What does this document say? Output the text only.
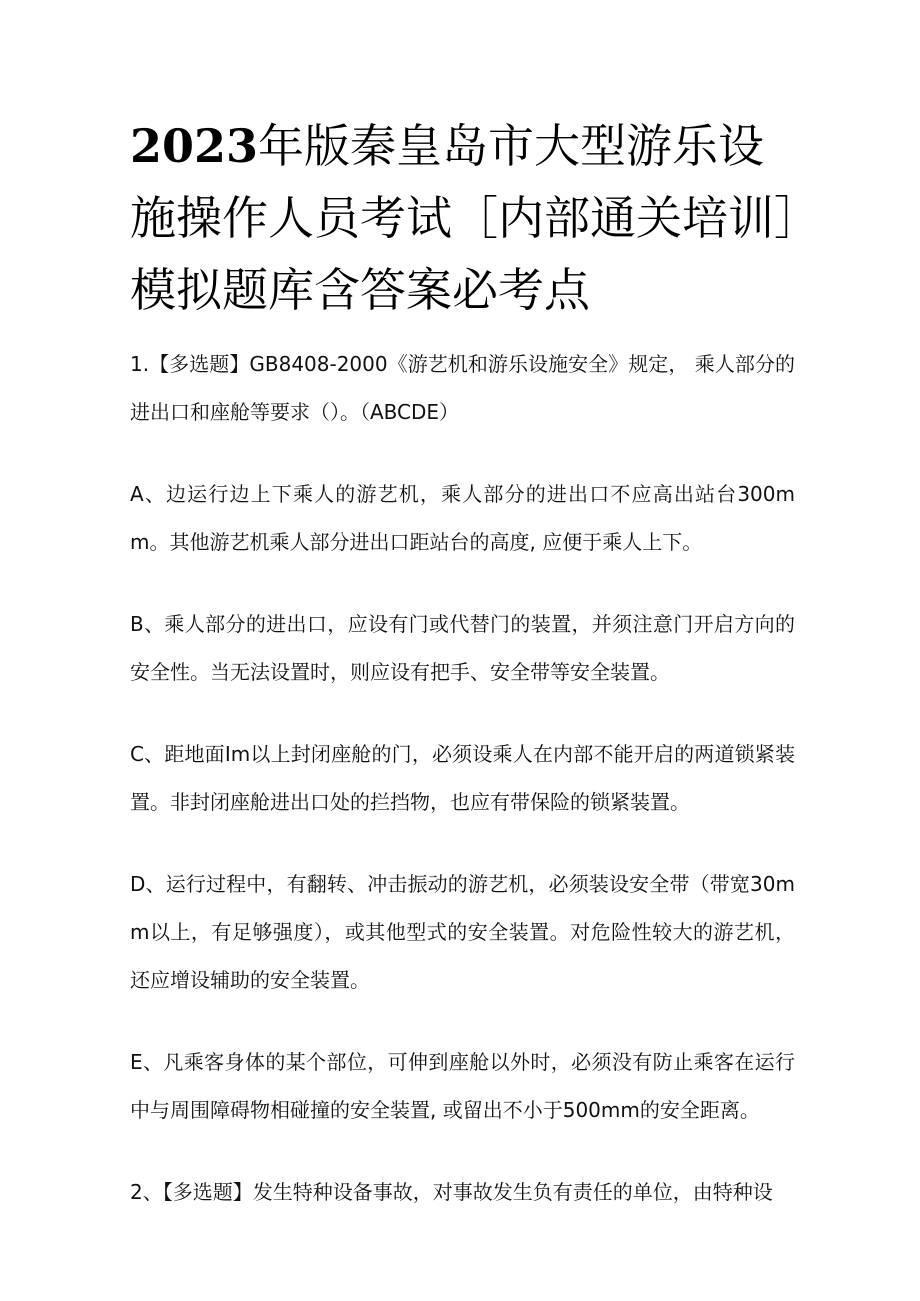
2023年版秦皇岛市大型游乐设施操作人员考试［内部通关培训］模拟题库含答案必考点

1.【多选题】GB8408-2000《游艺机和游乐设施安全》规定， 乘人部分的进出口和座舱等要求（）。（ABCDE）

A、边运行边上下乘人的游艺机，乘人部分的进出口不应高出站台300mm。其他游艺机乘人部分进出口距站台的高度, 应便于乘人上下。

B、乘人部分的进出口，应设有门或代替门的装置，并须注意门开启方向的安全性。当无法设置时，则应设有把手、安全带等安全装置。

C、距地面Im以上封闭座舱的门，必须设乘人在内部不能开启的两道锁紧装置。非封闭座舱进出口处的拦挡物，也应有带保险的锁紧装置。

D、运行过程中，有翻转、冲击振动的游艺机，必须装设安全带（带宽30mm以上，有足够强度），或其他型式的安全装置。对危险性较大的游艺机，还应增设辅助的安全装置。

E、凡乘客身体的某个部位，可伸到座舱以外时，必须没有防止乘客在运行中与周围障碍物相碰撞的安全装置, 或留出不小于500mm的安全距离。

2、【多选题】发生特种设备事故，对事故发生负有责任的单位，由特种设
